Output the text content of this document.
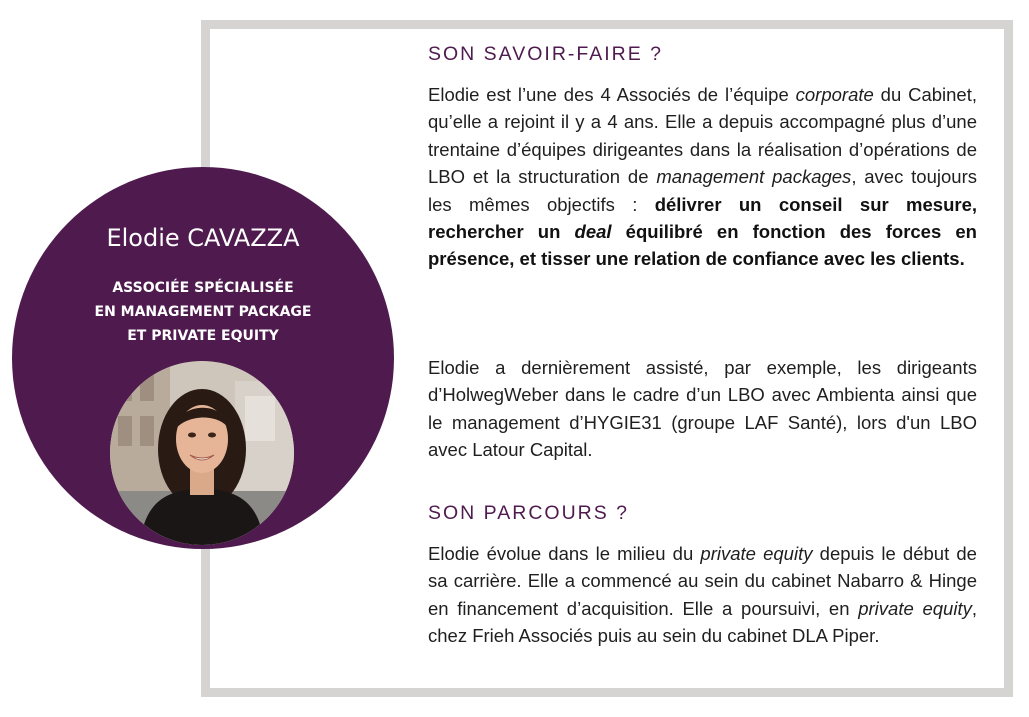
Elodie CAVAZZA
ASSOCIÉE SPÉCIALISÉE
EN MANAGEMENT PACKAGE
ET PRIVATE EQUITY
SON SAVOIR-FAIRE ?

Elodie est l’une des 4 Associés de l’équipe corporate du Cabinet, qu’elle a rejoint il y a 4 ans. Elle a depuis accompagné plus d’une trentaine d’équipes dirigeantes dans la réalisation d’opérations de LBO et la structuration de management packages, avec toujours les mêmes objectifs : délivrer un conseil sur mesure, rechercher un deal équilibré en fonction des forces en présence, et tisser une relation de confiance avec les clients.

Elodie a dernièrement assisté, par exemple, les dirigeants d’HolwegWeber dans le cadre d’un LBO avec Ambienta ainsi que le management d’HYGIE31 (groupe LAF Santé), lors d'un LBO avec Latour Capital.

SON PARCOURS ?

Elodie évolue dans le milieu du private equity depuis le début de sa carrière. Elle a commencé au sein du cabinet Nabarro & Hinge en financement d’acquisition. Elle a poursuivi, en private equity, chez Frieh Associés puis au sein du cabinet DLA Piper.
